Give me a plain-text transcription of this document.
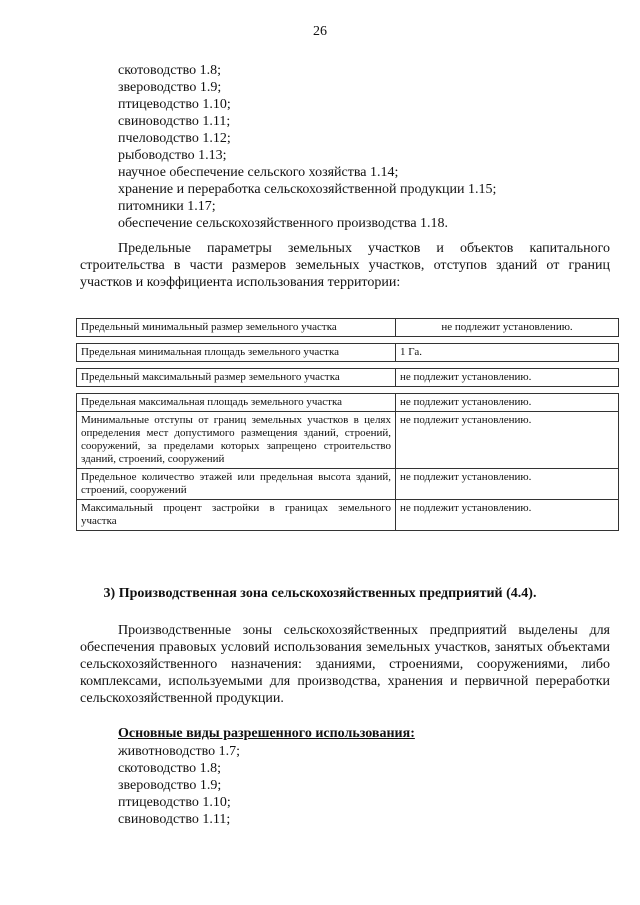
26
скотоводство 1.8;
звероводство 1.9;
птицеводство 1.10;
свиноводство 1.11;
пчеловодство 1.12;
рыбоводство 1.13;
научное обеспечение сельского хозяйства 1.14;
хранение и переработка сельскохозяйственной продукции 1.15;
питомники 1.17;
обеспечение сельскохозяйственного производства 1.18.
Предельные параметры земельных участков и объектов капитального строительства в части размеров земельных участков, отступов зданий от границ участков и коэффициента использования территории:
Предельный минимальный размер земельного участка	не подлежит установлению.

Предельная минимальная площадь земельного участка	1 Га.

Предельный максимальный размер земельного участка	не подлежит установлению.

Предельная максимальная площадь земельного участка	не подлежит установлению.
Минимальные отступы от границ земельных участков в целях определения мест допустимого размещения зданий, строений, сооружений, за пределами которых запрещено строительство зданий, строений, сооружений	не подлежит установлению.
Предельное количество этажей или предельная высота зданий, строений, сооружений	не подлежит установлению.
Максимальный процент застройки в границах земельного участка	не подлежит установлению.
3) Производственная зона сельскохозяйственных предприятий (4.4).
Производственные зоны сельскохозяйственных предприятий выделены для обеспечения правовых условий использования земельных участков, занятых объектами сельскохозяйственного назначения: зданиями, строениями, сооружениями, либо комплексами, используемыми для производства, хранения и первичной переработки сельскохозяйственной продукции.
Основные виды разрешенного использования:
животноводство 1.7;
скотоводство 1.8;
звероводство 1.9;
птицеводство 1.10;
свиноводство 1.11;
